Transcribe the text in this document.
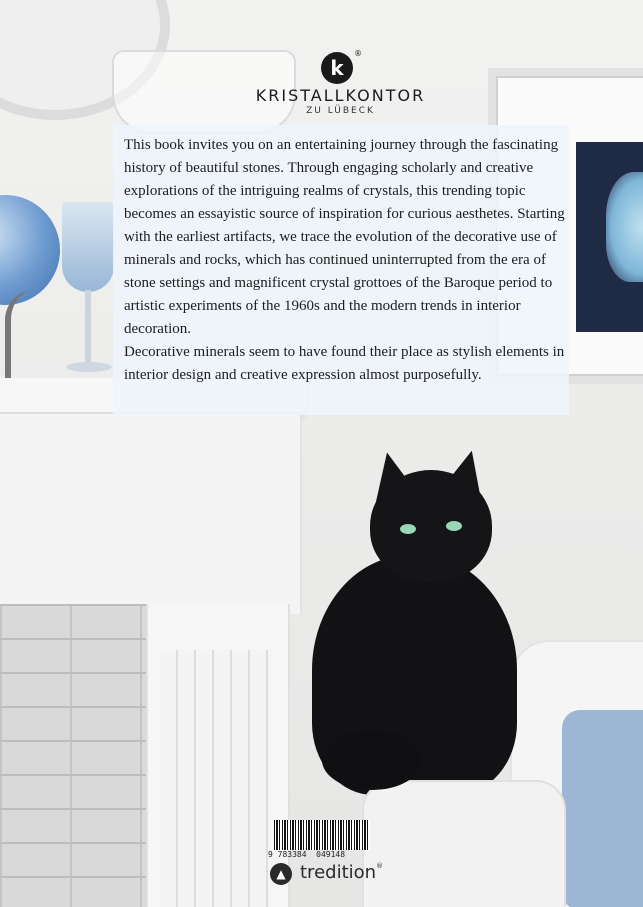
k
®
KRISTALLKONTOR
ZU LÜBECK

This book invites you on an entertaining journey through the fascinating history of beautiful stones. Through engaging scholarly and creative explorations of the intriguing realms of crystals, this trending topic becomes an essayistic source of inspiration for curious aesthetes. Starting with the earliest artifacts, we trace the evolution of the decorative use of minerals and rocks, which has continued uninterrupted from the era of stone settings and magnificent crystal grottoes of the Baroque period to artistic experiments of the 1960s and the modern trends in interior decoration.

Decorative minerals seem to have found their place as stylish elements in interior design and creative expression almost purposefully.

9 783384  049148
▲ tredition®
